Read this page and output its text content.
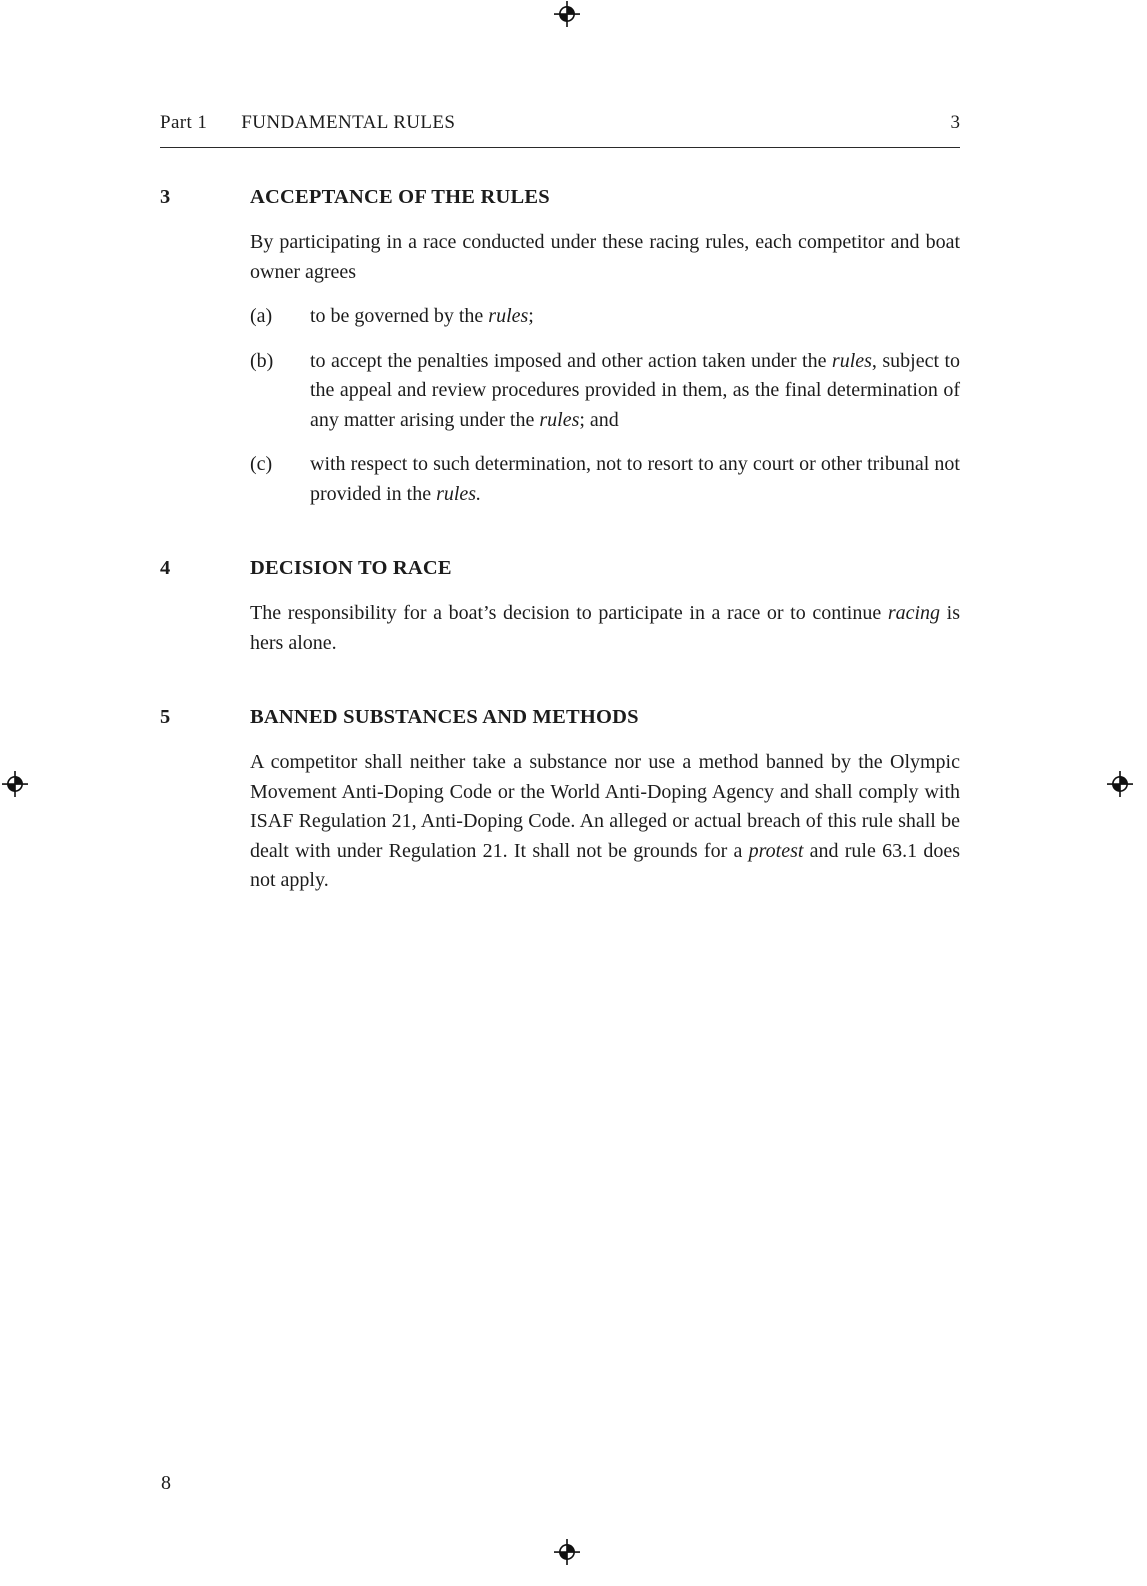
Part 1 FUNDAMENTAL RULES	3
3	ACCEPTANCE OF THE RULES
By participating in a race conducted under these racing rules, each competitor and boat owner agrees
(a)	to be governed by the rules;
(b)	to accept the penalties imposed and other action taken under the rules, subject to the appeal and review procedures provided in them, as the final determination of any matter arising under the rules; and
(c)	with respect to such determination, not to resort to any court or other tribunal not provided in the rules.
4	DECISION TO RACE
The responsibility for a boat’s decision to participate in a race or to continue racing is hers alone.
5	BANNED SUBSTANCES AND METHODS
A competitor shall neither take a substance nor use a method banned by the Olympic Movement Anti-Doping Code or the World Anti-Doping Agency and shall comply with ISAF Regulation 21, Anti-Doping Code. An alleged or actual breach of this rule shall be dealt with under Regulation 21. It shall not be grounds for a protest and rule 63.1 does not apply.
8
